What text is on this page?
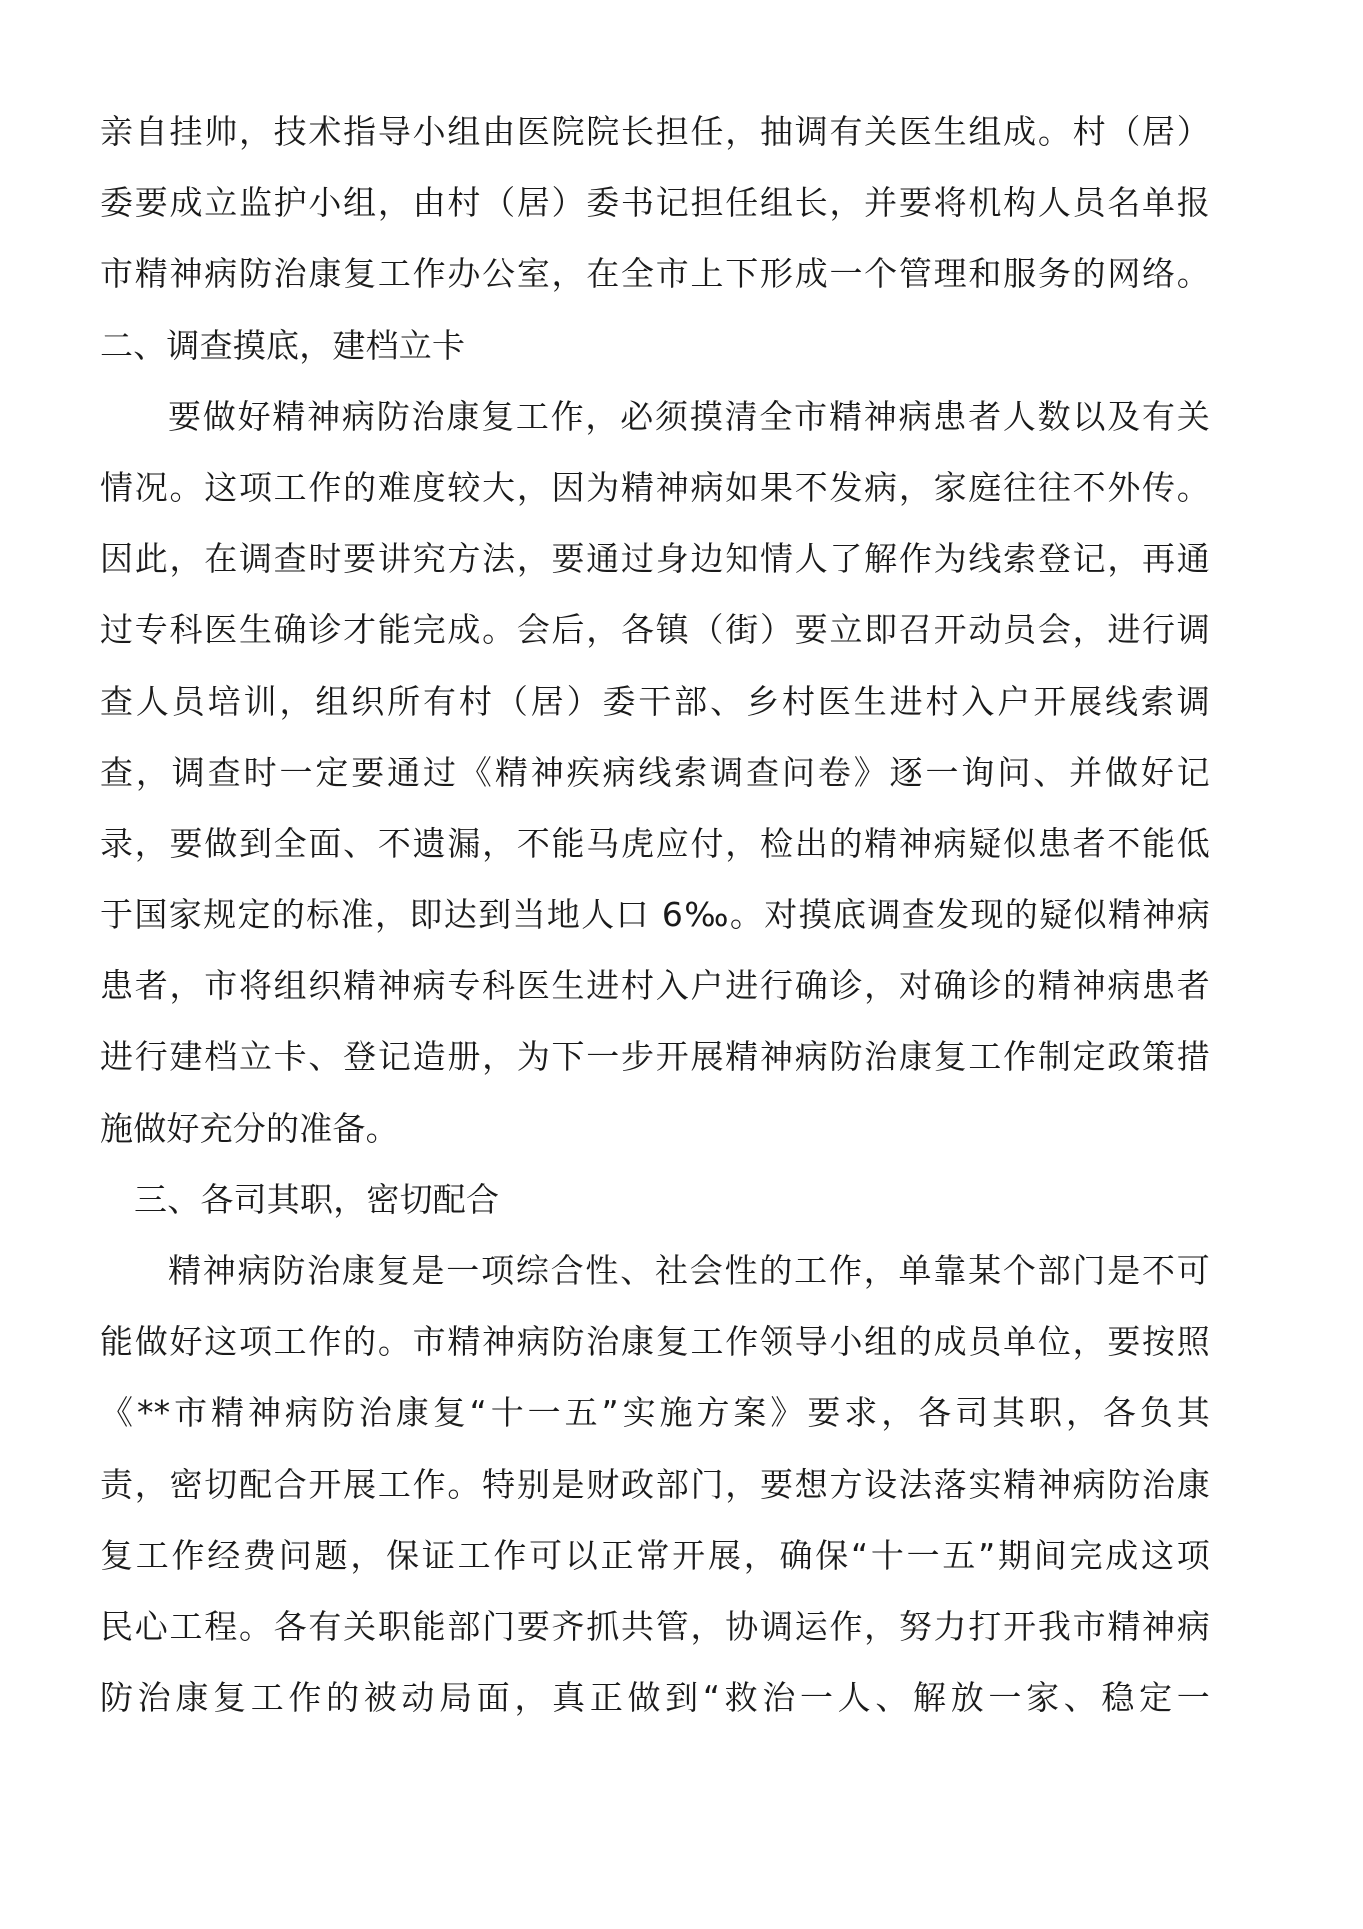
亲自挂帅，技术指导小组由医院院长担任，抽调有关医生组成。村（居）
委要成立监护小组，由村（居）委书记担任组长，并要将机构人员名单报
市精神病防治康复工作办公室，在全市上下形成一个管理和服务的网络。
二、调查摸底，建档立卡
要做好精神病防治康复工作，必须摸清全市精神病患者人数以及有关
情况。这项工作的难度较大，因为精神病如果不发病，家庭往往不外传。
因此，在调查时要讲究方法，要通过身边知情人了解作为线索登记，再通
过专科医生确诊才能完成。会后，各镇（街）要立即召开动员会，进行调
查人员培训，组织所有村（居）委干部、乡村医生进村入户开展线索调
查，调查时一定要通过《精神疾病线索调查问卷》逐一询问、并做好记
录，要做到全面、不遗漏，不能马虎应付，检出的精神病疑似患者不能低
于国家规定的标准，即达到当地人口 6‰。对摸底调查发现的疑似精神病
患者，市将组织精神病专科医生进村入户进行确诊，对确诊的精神病患者
进行建档立卡、登记造册，为下一步开展精神病防治康复工作制定政策措
施做好充分的准备。
三、各司其职，密切配合
精神病防治康复是一项综合性、社会性的工作，单靠某个部门是不可
能做好这项工作的。市精神病防治康复工作领导小组的成员单位，要按照
《**市精神病防治康复“十一五”实施方案》要求，各司其职，各负其
责，密切配合开展工作。特别是财政部门，要想方设法落实精神病防治康
复工作经费问题，保证工作可以正常开展，确保“十一五”期间完成这项
民心工程。各有关职能部门要齐抓共管，协调运作，努力打开我市精神病
防治康复工作的被动局面，真正做到“救治一人、解放一家、稳定一
